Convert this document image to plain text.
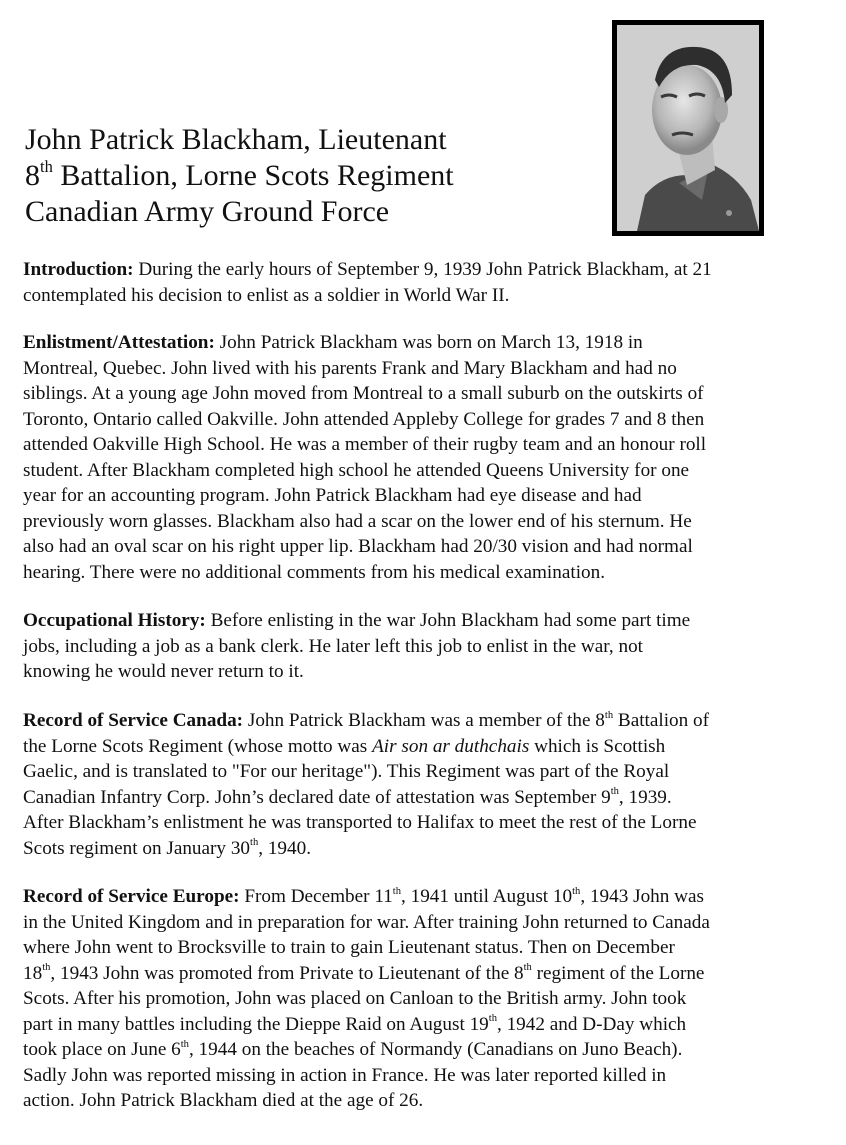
John Patrick Blackham, Lieutenant
8th Battalion, Lorne Scots Regiment
Canadian Army Ground Force
Introduction: During the early hours of September 9, 1939 John Patrick Blackham, at 21
contemplated his decision to enlist as a soldier in World War II.
Enlistment/Attestation: John Patrick Blackham was born on March 13, 1918 in
Montreal, Quebec. John lived with his parents Frank and Mary Blackham and had no
siblings. At a young age John moved from Montreal to a small suburb on the outskirts of
Toronto, Ontario called Oakville. John attended Appleby College for grades 7 and 8 then
attended Oakville High School. He was a member of their rugby team and an honour roll
student. After Blackham completed high school he attended Queens University for one
year for an accounting program. John Patrick Blackham had eye disease and had
previously worn glasses. Blackham also had a scar on the lower end of his sternum. He
also had an oval scar on his right upper lip. Blackham had 20/30 vision and had normal
hearing. There were no additional comments from his medical examination.
Occupational History: Before enlisting in the war John Blackham had some part time
jobs, including a job as a bank clerk. He later left this job to enlist in the war, not
knowing he would never return to it.
Record of Service Canada: John Patrick Blackham was a member of the 8th Battalion of
the Lorne Scots Regiment (whose motto was Air son ar duthchais which is Scottish
Gaelic, and is translated to "For our heritage"). This Regiment was part of the Royal
Canadian Infantry Corp. John’s declared date of attestation was September 9th, 1939.
After Blackham’s enlistment he was transported to Halifax to meet the rest of the Lorne
Scots regiment on January 30th, 1940.
Record of Service Europe: From December 11th, 1941 until August 10th, 1943 John was
in the United Kingdom and in preparation for war. After training John returned to Canada
where John went to Brocksville to train to gain Lieutenant status. Then on December
18th, 1943 John was promoted from Private to Lieutenant of the 8th regiment of the Lorne
Scots. After his promotion, John was placed on Canloan to the British army. John took
part in many battles including the Dieppe Raid on August 19th, 1942 and D-Day which
took place on June 6th, 1944 on the beaches of Normandy (Canadians on Juno Beach).
Sadly John was reported missing in action in France. He was later reported killed in
action. John Patrick Blackham died at the age of 26.
